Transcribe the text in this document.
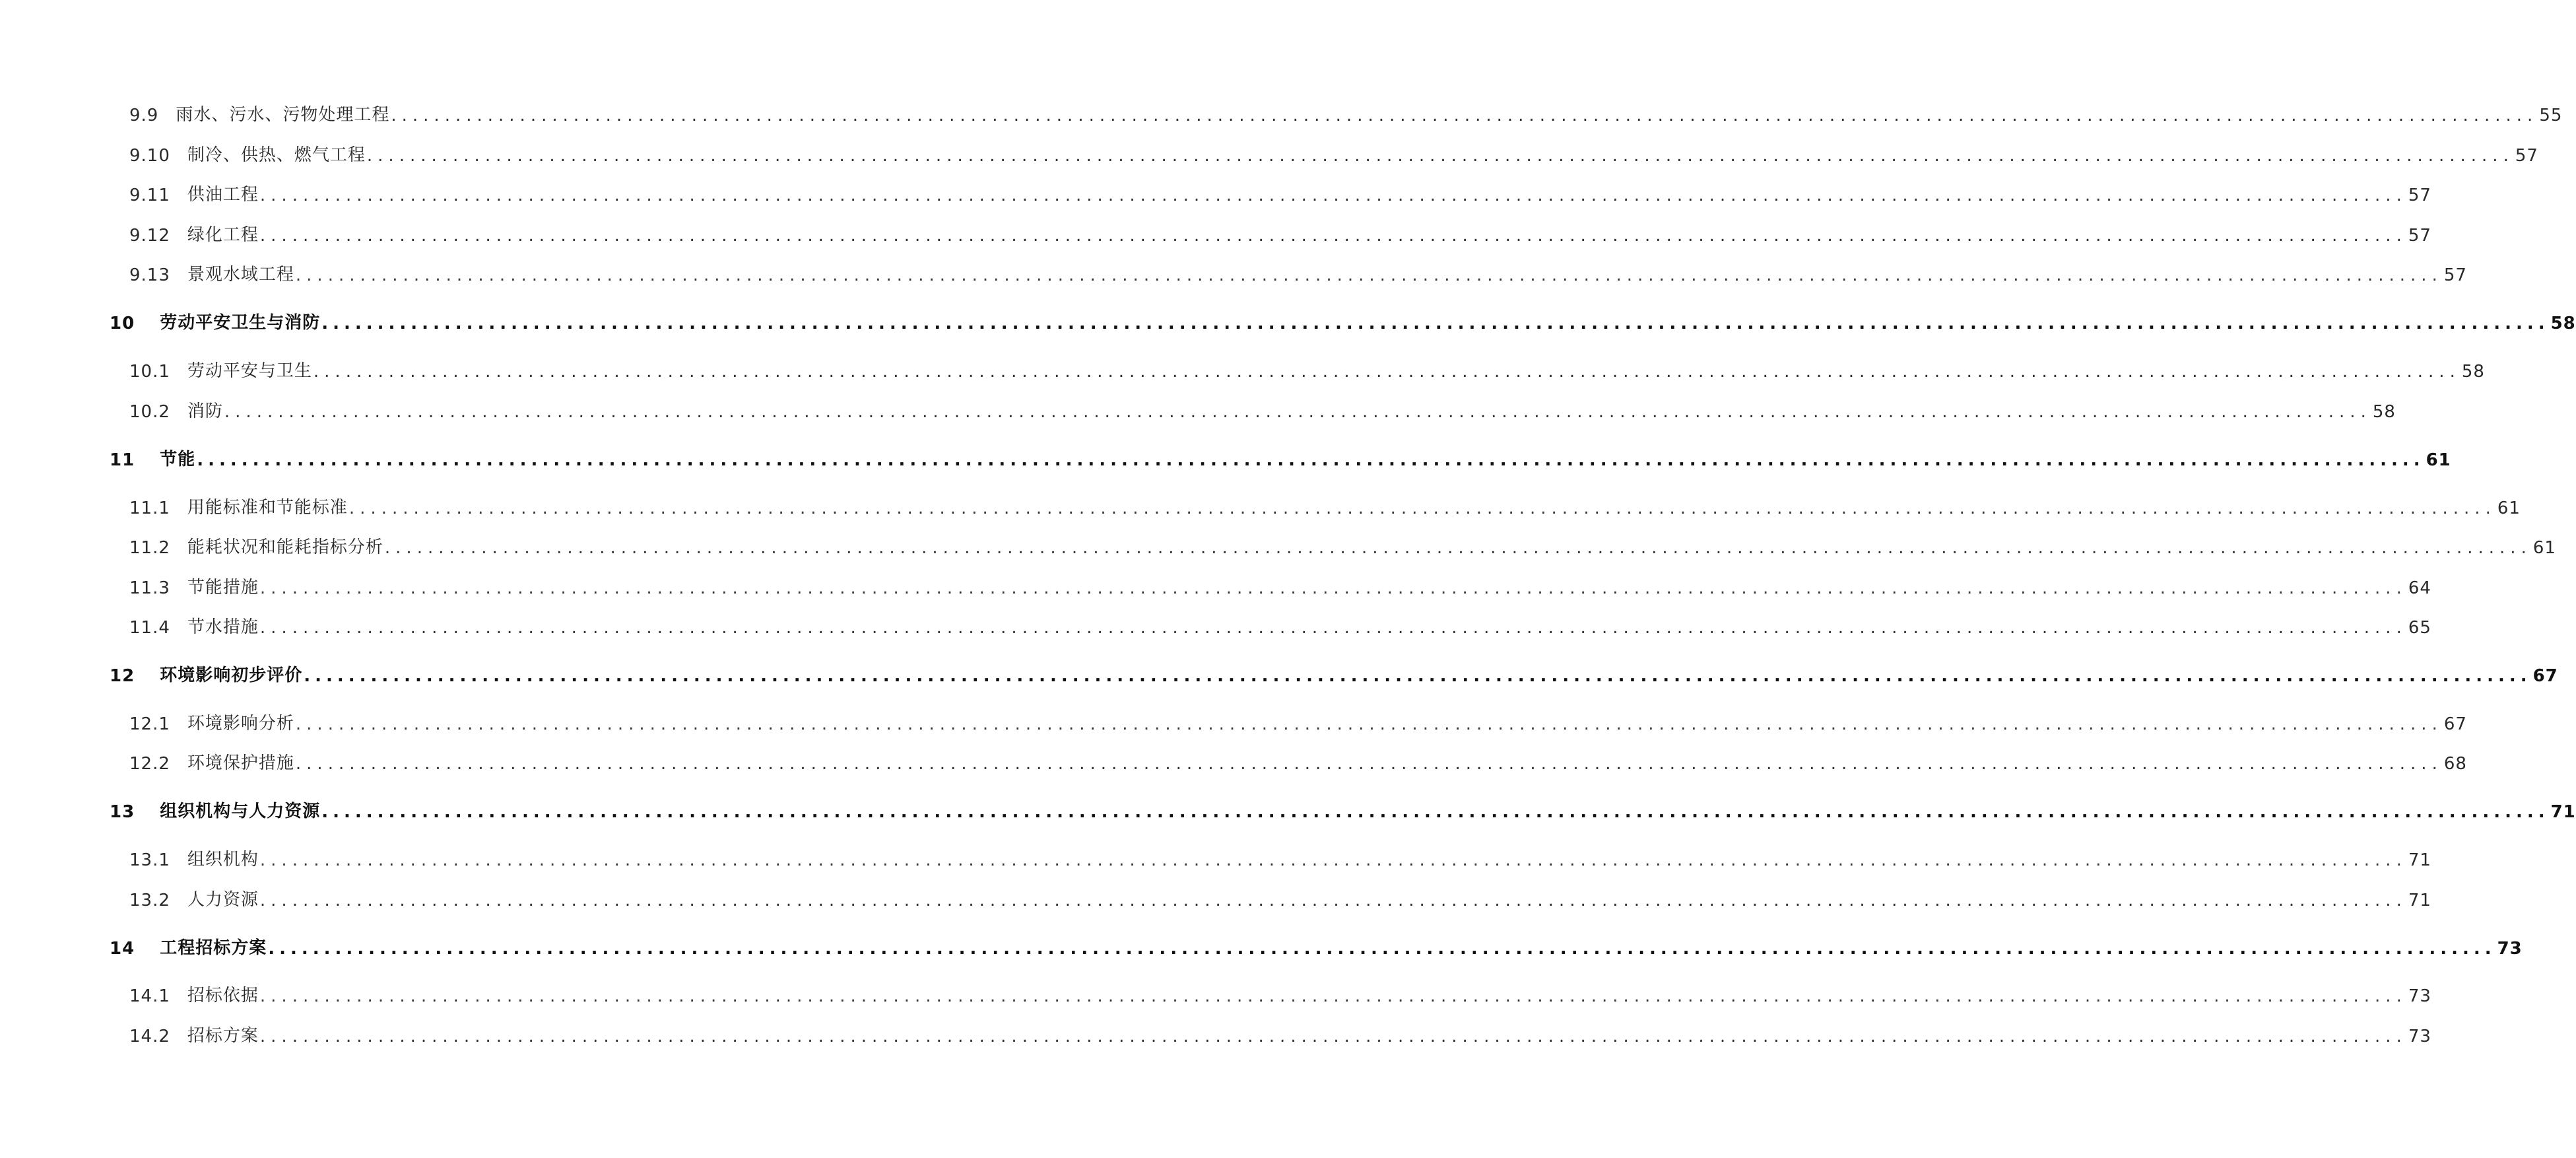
9.9 雨水、污水、污物处理工程 ........................................................................................................................................................................................................ 55
9.10 制冷、供热、燃气工程 ........................................................................................................................................................................................................ 57
9.11 供油工程 ........................................................................................................................................................................................................ 57
9.12 绿化工程 ........................................................................................................................................................................................................ 57
9.13 景观水域工程 ........................................................................................................................................................................................................ 57
10 劳动平安卫生与消防 ........................................................................................................................................................................................................ 58
10.1 劳动平安与卫生 ........................................................................................................................................................................................................ 58
10.2 消防 ........................................................................................................................................................................................................ 58
11 节能 ........................................................................................................................................................................................................ 61
11.1 用能标准和节能标准 ........................................................................................................................................................................................................ 61
11.2 能耗状况和能耗指标分析 ........................................................................................................................................................................................................ 61
11.3 节能措施 ........................................................................................................................................................................................................ 64
11.4 节水措施 ........................................................................................................................................................................................................ 65
12 环境影响初步评价 ........................................................................................................................................................................................................ 67
12.1 环境影响分析 ........................................................................................................................................................................................................ 67
12.2 环境保护措施 ........................................................................................................................................................................................................ 68
13 组织机构与人力资源 ........................................................................................................................................................................................................ 71
13.1 组织机构 ........................................................................................................................................................................................................ 71
13.2 人力资源 ........................................................................................................................................................................................................ 71
14 工程招标方案 ........................................................................................................................................................................................................ 73
14.1 招标依据 ........................................................................................................................................................................................................ 73
14.2 招标方案 ........................................................................................................................................................................................................ 73
